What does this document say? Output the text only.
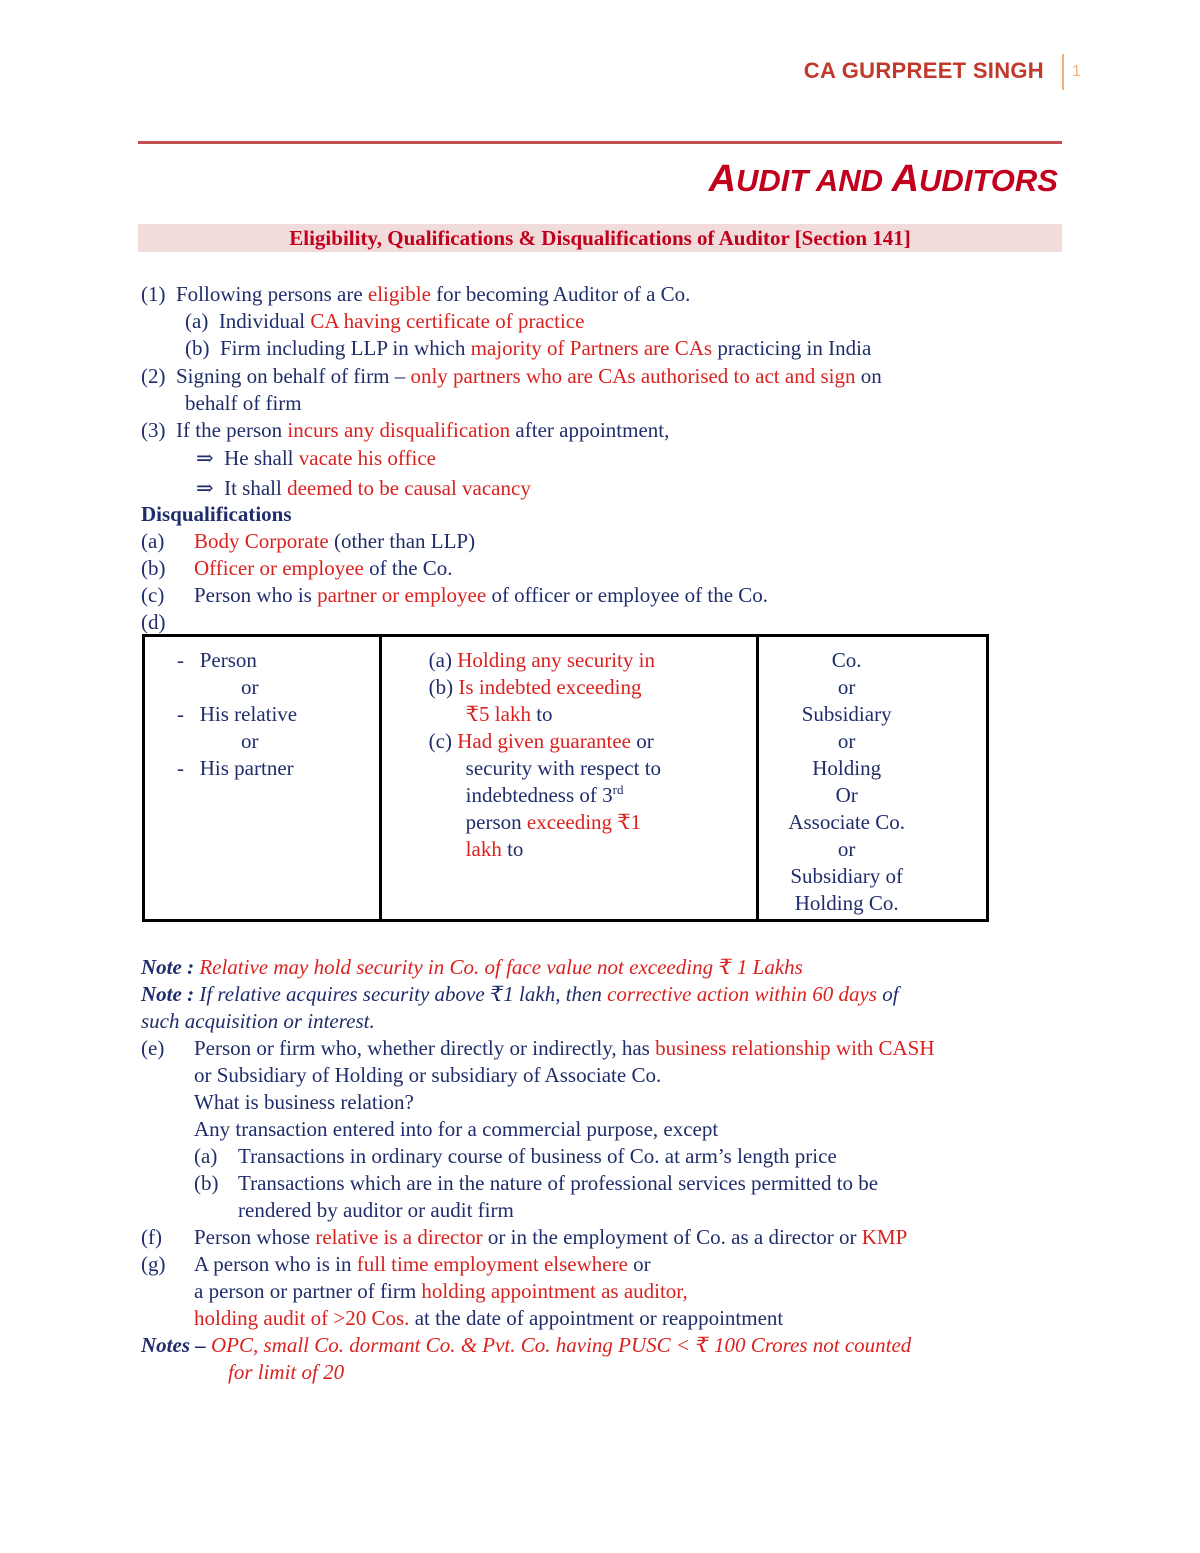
CA GURPREET SINGH	1
AUDIT AND AUDITORS
Eligibility, Qualifications & Disqualifications of Auditor [Section 141]
(1) Following persons are eligible for becoming Auditor of a Co.
(a) Individual CA having certificate of practice
(b) Firm including LLP in which majority of Partners are CAs practicing in India
(2) Signing on behalf of firm – only partners who are CAs authorised to act and sign on
behalf of firm
(3) If the person incurs any disqualification after appointment,
⇒ He shall vacate his office
⇒ It shall deemed to be causal vacancy
Disqualifications
(a) Body Corporate (other than LLP)
(b) Officer or employee of the Co.
(c) Person who is partner or employee of officer or employee of the Co.
(d)
- Person
or
- His relative
or
- His partner

(a) Holding any security in
(b) Is indebted exceeding
₹5 lakh to
(c) Had given guarantee or
security with respect to
indebtedness of 3rd
person exceeding ₹1
lakh to

Co.
or
Subsidiary
or
Holding
Or
Associate Co.
or
Subsidiary of
Holding Co.
Note : Relative may hold security in Co. of face value not exceeding ₹ 1 Lakhs
Note : If relative acquires security above ₹1 lakh, then corrective action within 60 days of
such acquisition or interest.
(e) Person or firm who, whether directly or indirectly, has business relationship with CASH
or Subsidiary of Holding or subsidiary of Associate Co.
What is business relation?
Any transaction entered into for a commercial purpose, except
(a) Transactions in ordinary course of business of Co. at arm’s length price
(b) Transactions which are in the nature of professional services permitted to be
rendered by auditor or audit firm
(f) Person whose relative is a director or in the employment of Co. as a director or KMP
(g) A person who is in full time employment elsewhere or
a person or partner of firm holding appointment as auditor,
holding audit of >20 Cos. at the date of appointment or reappointment
Notes – OPC, small Co. dormant Co. & Pvt. Co. having PUSC < ₹ 100 Crores not counted
for limit of 20
